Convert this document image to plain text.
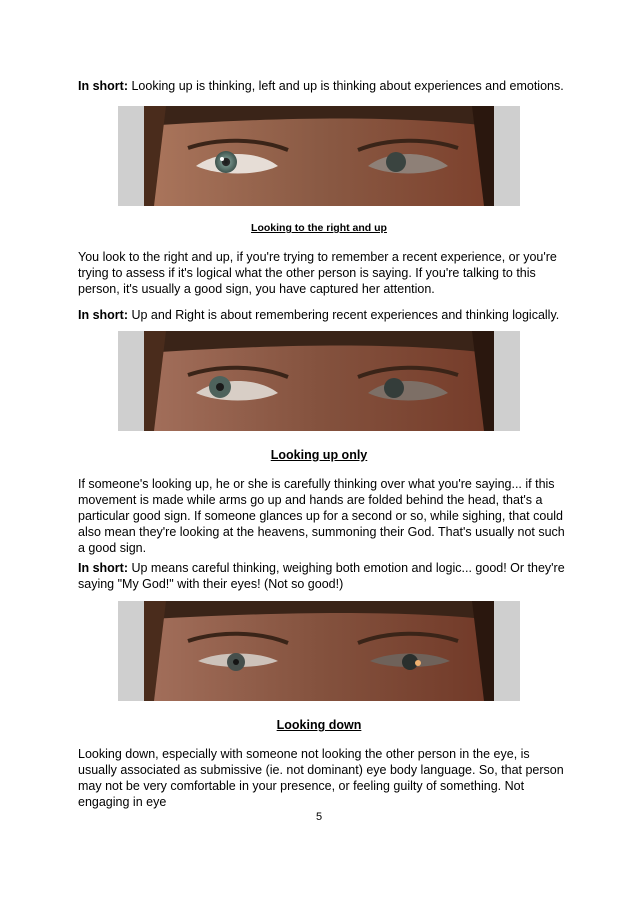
In short: Looking up is thinking, left and up is thinking about experiences and emotions.

Looking to the right and up

You look to the right and up, if you're trying to remember a recent experience, or you're trying to assess if it's logical what the other person is saying. If you're talking to this person, it's usually a good sign, you have captured her attention.

In short: Up and Right is about remembering recent experiences and thinking logically.

Looking up only

If someone's looking up, he or she is carefully thinking over what you're saying... if this movement is made while arms go up and hands are folded behind the head, that's a particular good sign. If someone glances up for a second or so, while sighing, that could also mean they're looking at the heavens, summoning their God. That's usually not such a good sign.

In short: Up means careful thinking, weighing both emotion and logic... good! Or they're saying "My God!" with their eyes! (Not so good!)

Looking down

Looking down, especially with someone not looking the other person in the eye, is usually associated as submissive (ie. not dominant) eye body language. So, that person may not be very comfortable in your presence, or feeling guilty of something. Not engaging in eye

5
